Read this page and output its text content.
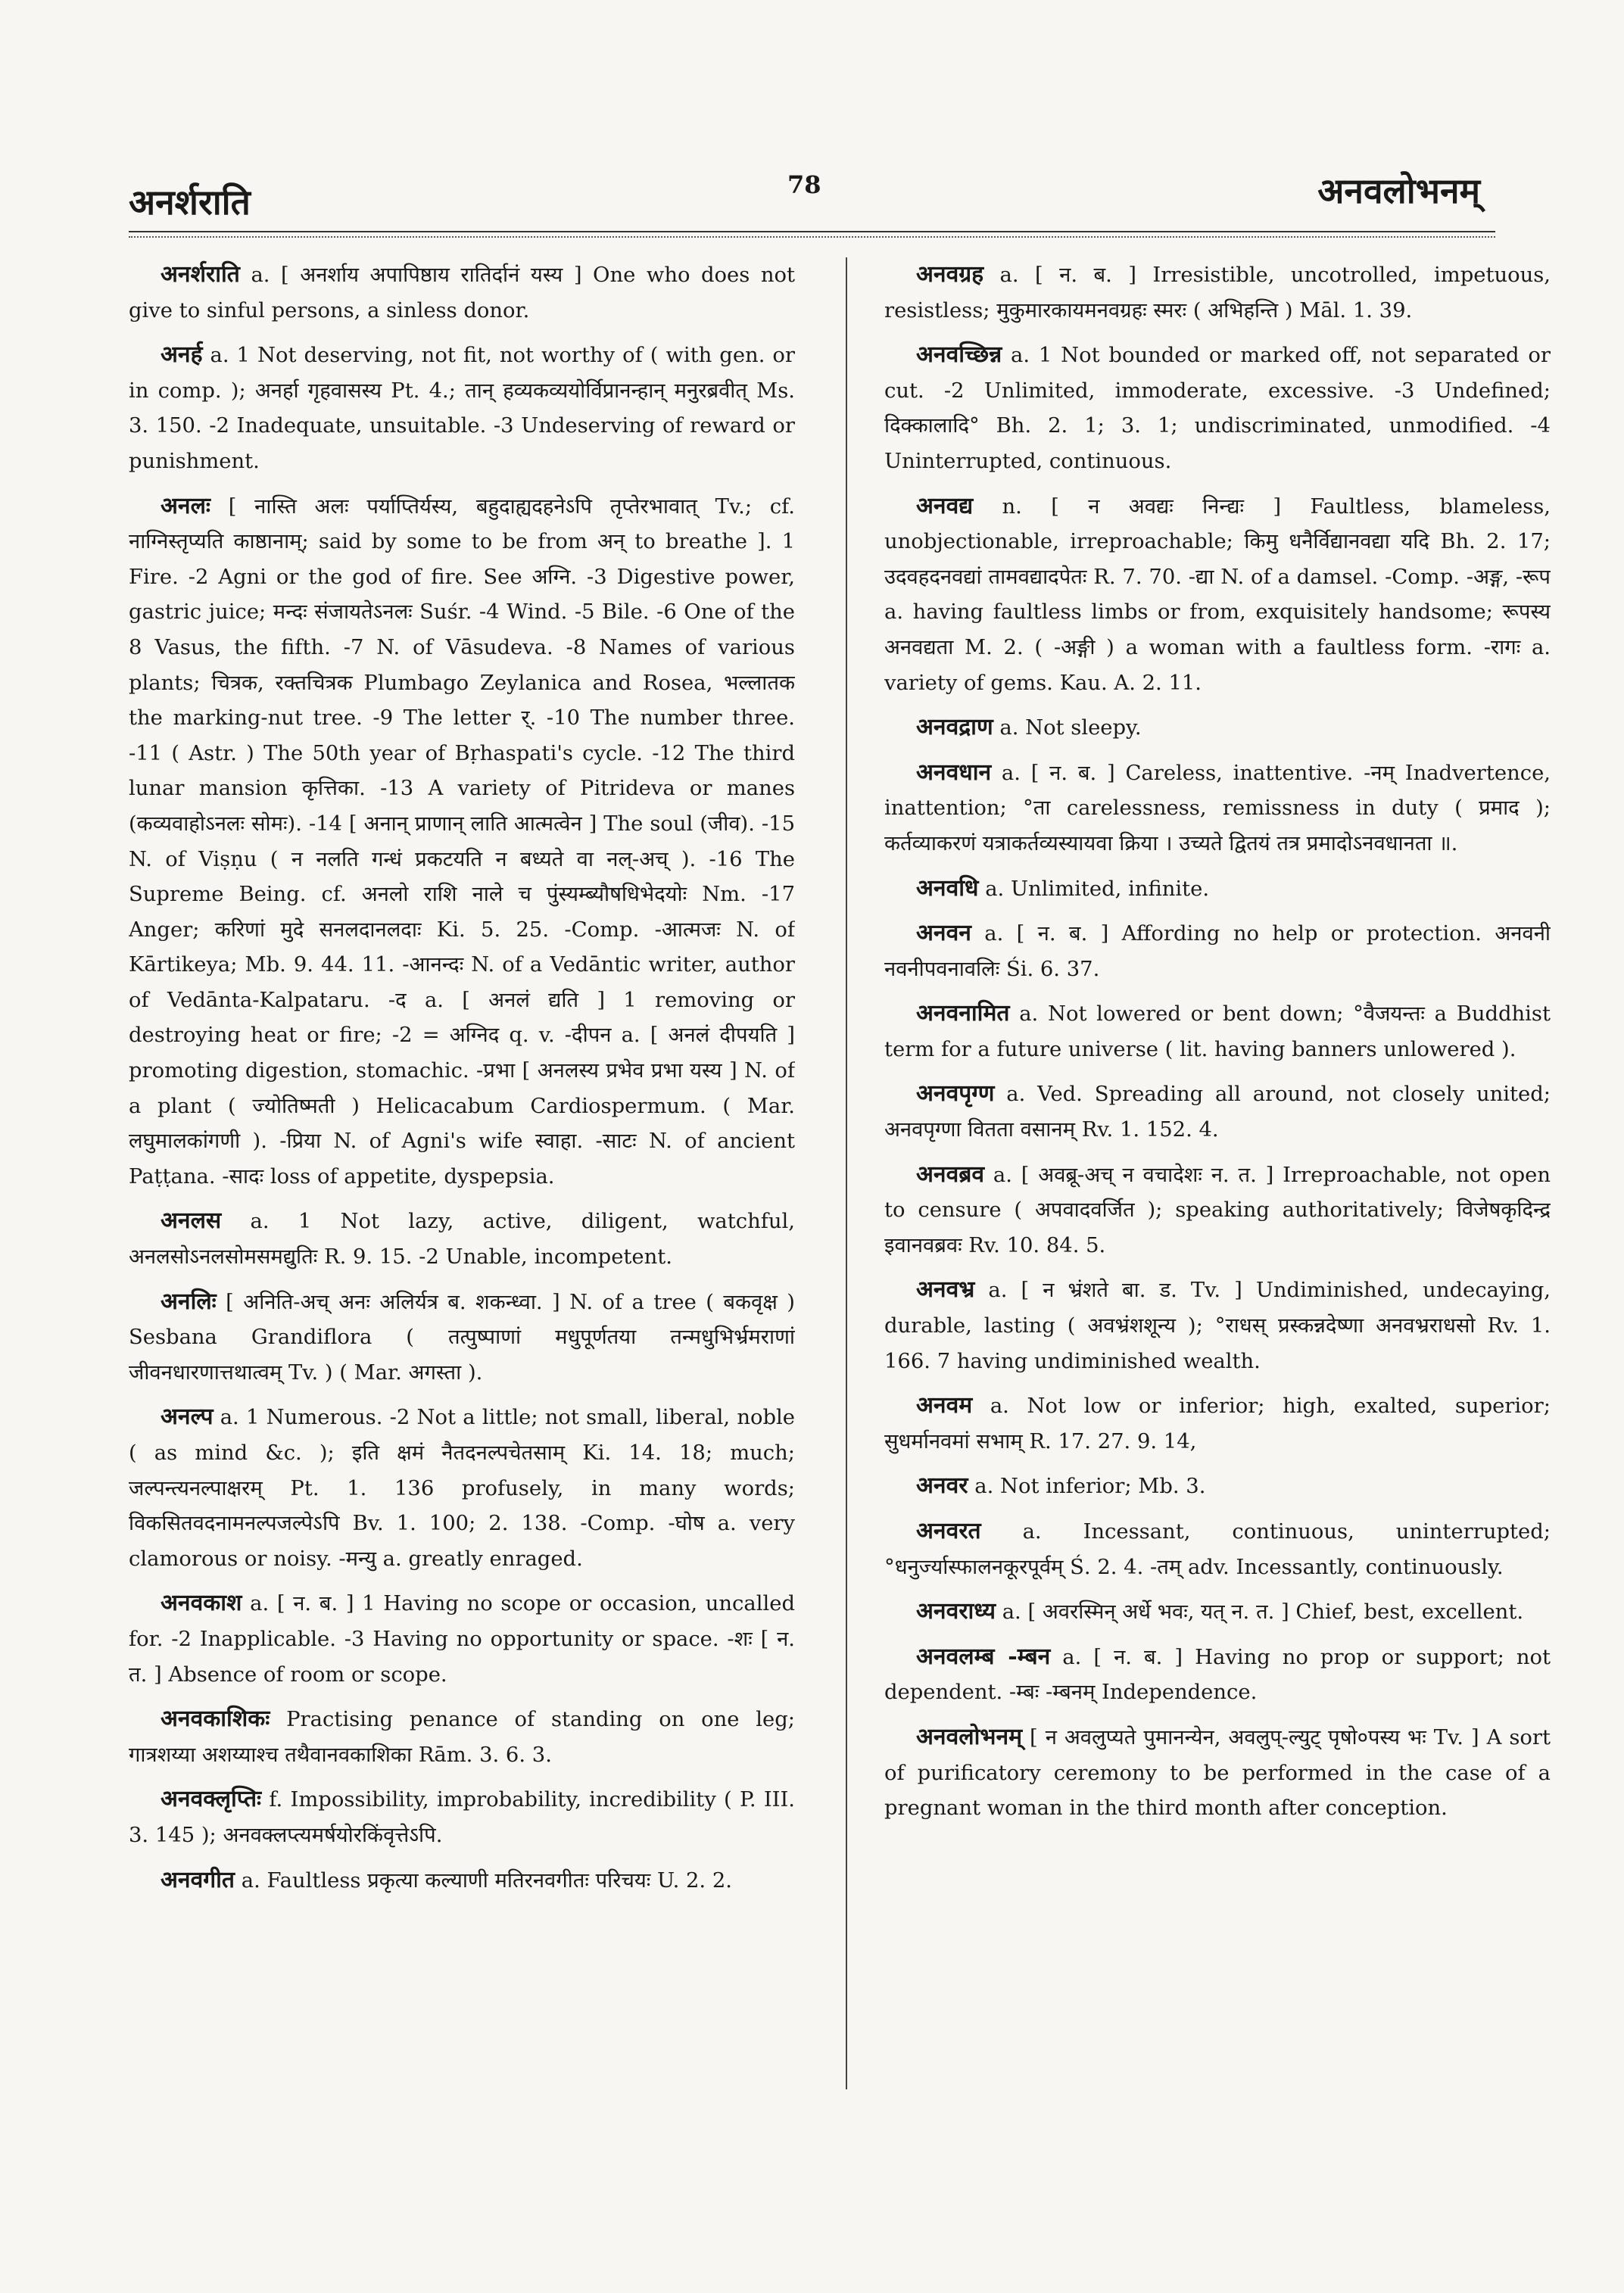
अनर्शराति	78	अनवलोभनम्

अनर्शराति a. [ अनर्शाय अपापिष्ठाय रातिर्दानं यस्य ] One who does not give to sinful persons, a sinless donor.

अनर्ह a. 1 Not deserving, not fit, not worthy of ( with gen. or in comp. ); अनर्हा गृहवासस्य Pt. 4.; तान् हव्यकव्ययोर्विप्रानन्हान् मनुरब्रवीत् Ms. 3. 150. -2 Inadequate, unsuitable. -3 Undeserving of reward or punishment.

अनलः [ नास्ति अलः पर्याप्तिर्यस्य, बहुदाह्यदहनेऽपि तृप्तेरभावात् Tv.; cf. नाग्निस्तृप्यति काष्ठानाम्; said by some to be from अन् to breathe ]. 1 Fire. -2 Agni or the god of fire. See अग्नि. -3 Digestive power, gastric juice; मन्दः संजायतेऽनलः Suśr. -4 Wind. -5 Bile. -6 One of the 8 Vasus, the fifth. -7 N. of Vāsudeva. -8 Names of various plants; चित्रक, रक्तचित्रक Plumbago Zeylanica and Rosea, भल्लातक the marking-nut tree. -9 The letter र्. -10 The number three. -11 ( Astr. ) The 50th year of Bṛhaspati's cycle. -12 The third lunar mansion कृत्तिका. -13 A variety of Pitrideva or manes (कव्यवाहोऽनलः सोमः). -14 [ अनान् प्राणान् लाति आत्मत्वेन ] The soul (जीव). -15 N. of Viṣṇu ( न नलति गन्धं प्रकटयति न बध्यते वा नल्-अच् ). -16 The Supreme Being. cf. अनलो राशि नाले च पुंस्यम्ब्यौषधिभेदयोः Nm. -17 Anger; करिणां मुदे सनलदानलदाः Ki. 5. 25. -Comp. -आत्मजः N. of Kārtikeya; Mb. 9. 44. 11. -आनन्दः N. of a Vedāntic writer, author of Vedānta-Kalpataru. -द a. [ अनलं द्यति ] 1 removing or destroying heat or fire; -2 = अग्निद q. v. -दीपन a. [ अनलं दीपयति ] promoting digestion, stomachic. -प्रभा [ अनलस्य प्रभेव प्रभा यस्य ] N. of a plant ( ज्योतिष्मती ) Helicacabum Cardiospermum. ( Mar. लघुमालकांगणी ). -प्रिया N. of Agni's wife स्वाहा. -साटः N. of ancient Paṭṭana. -सादः loss of appetite, dyspepsia.

अनलस a. 1 Not lazy, active, diligent, watchful, अनलसोऽनलसोमसमद्युतिः R. 9. 15. -2 Unable, incompetent.

अनलिः [ अनिति-अच् अनः अलिर्यत्र ब. शकन्ध्वा. ] N. of a tree ( बकवृक्ष ) Sesbana Grandiflora ( तत्पुष्पाणां मधुपूर्णतया तन्मधुभिर्भ्रमराणां जीवनधारणात्तथात्वम् Tv. ) ( Mar. अगस्ता ).

अनल्प a. 1 Numerous. -2 Not a little; not small, liberal, noble ( as mind &c. ); इति क्षमं नैतदनल्पचेतसाम् Ki. 14. 18; much; जल्पन्त्यनल्पाक्षरम् Pt. 1. 136 profusely, in many words; विकसितवदनामनल्पजल्पेऽपि Bv. 1. 100; 2. 138. -Comp. -घोष a. very clamorous or noisy. -मन्यु a. greatly enraged.

अनवकाश a. [ न. ब. ] 1 Having no scope or occasion, uncalled for. -2 Inapplicable. -3 Having no opportunity or space. -शः [ न. त. ] Absence of room or scope.

अनवकाशिकः Practising penance of standing on one leg; गात्रशय्या अशय्याश्च तथैवानवकाशिका Rām. 3. 6. 3.

अनवक्लृप्तिः f. Impossibility, improbability, incredibility ( P. III. 3. 145 ); अनवक्लप्त्यमर्षयोरकिंवृत्तेऽपि.

अनवगीत a. Faultless प्रकृत्या कल्याणी मतिरनवगीतः परिचयः U. 2. 2.

अनवग्रह a. [ न. ब. ] Irresistible, uncotrolled, impetuous, resistless; मुकुमारकायमनवग्रहः स्मरः ( अभिहन्ति ) Māl. 1. 39.

अनवच्छिन्न a. 1 Not bounded or marked off, not separated or cut. -2 Unlimited, immoderate, excessive. -3 Undefined; दिक्कालादि° Bh. 2. 1; 3. 1; undiscriminated, unmodified. -4 Uninterrupted, continuous.

अनवद्य n. [ न अवद्यः निन्द्यः ] Faultless, blameless, unobjectionable, irreproachable; किमु धनैर्विद्यानवद्या यदि Bh. 2. 17; उदवहदनवद्यां तामवद्यादपेतः R. 7. 70. -द्या N. of a damsel. -Comp. -अङ्ग, -रूप a. having faultless limbs or from, exquisitely handsome; रूपस्य अनवद्यता M. 2. ( -अङ्गी ) a woman with a faultless form. -रागः a. variety of gems. Kau. A. 2. 11.

अनवद्राण a. Not sleepy.

अनवधान a. [ न. ब. ] Careless, inattentive. -नम् Inadvertence, inattention; °ता carelessness, remissness in duty ( प्रमाद ); कर्तव्याकरणं यत्राकर्तव्यस्यायवा क्रिया । उच्यते द्वितयं तत्र प्रमादोऽनवधानता ॥.

अनवधि a. Unlimited, infinite.

अनवन a. [ न. ब. ] Affording no help or protection. अनवनी नवनीपवनावलिः Śi. 6. 37.

अनवनामित a. Not lowered or bent down; °वैजयन्तः a Buddhist term for a future universe ( lit. having banners unlowered ).

अनवपृग्ण a. Ved. Spreading all around, not closely united; अनवपृग्णा वितता वसानम् Rv. 1. 152. 4.

अनवब्रव a. [ अवब्रू-अच् न वचादेशः न. त. ] Irreproachable, not open to censure ( अपवादवर्जित ); speaking authoritatively; विजेषकृदिन्द्र इवानवब्रवः Rv. 10. 84. 5.

अनवभ्र a. [ न भ्रंशते बा. ड. Tv. ] Undiminished, undecaying, durable, lasting ( अवभ्रंशशून्य ); °राधस् प्रस्कन्नदेष्णा अनवभ्रराधसो Rv. 1. 166. 7 having undiminished wealth.

अनवम a. Not low or inferior; high, exalted, superior; सुधर्मानवमां सभाम् R. 17. 27. 9. 14,

अनवर a. Not inferior; Mb. 3.

अनवरत a. Incessant, continuous, uninterrupted; °धनुर्ज्यास्फालनकूरपूर्वम् Ś. 2. 4. -तम् adv. Incessantly, continuously.

अनवराध्य a. [ अवरस्मिन् अर्धे भवः, यत् न. त. ] Chief, best, excellent.

अनवलम्ब -म्बन a. [ न. ब. ] Having no prop or support; not dependent. -म्बः -म्बनम् Independence.

अनवलोभनम् [ न अवलुप्यते पुमानन्येन, अवलुप्-ल्युट् पृषो०पस्य भः Tv. ] A sort of purificatory ceremony to be performed in the case of a pregnant woman in the third month after conception.
